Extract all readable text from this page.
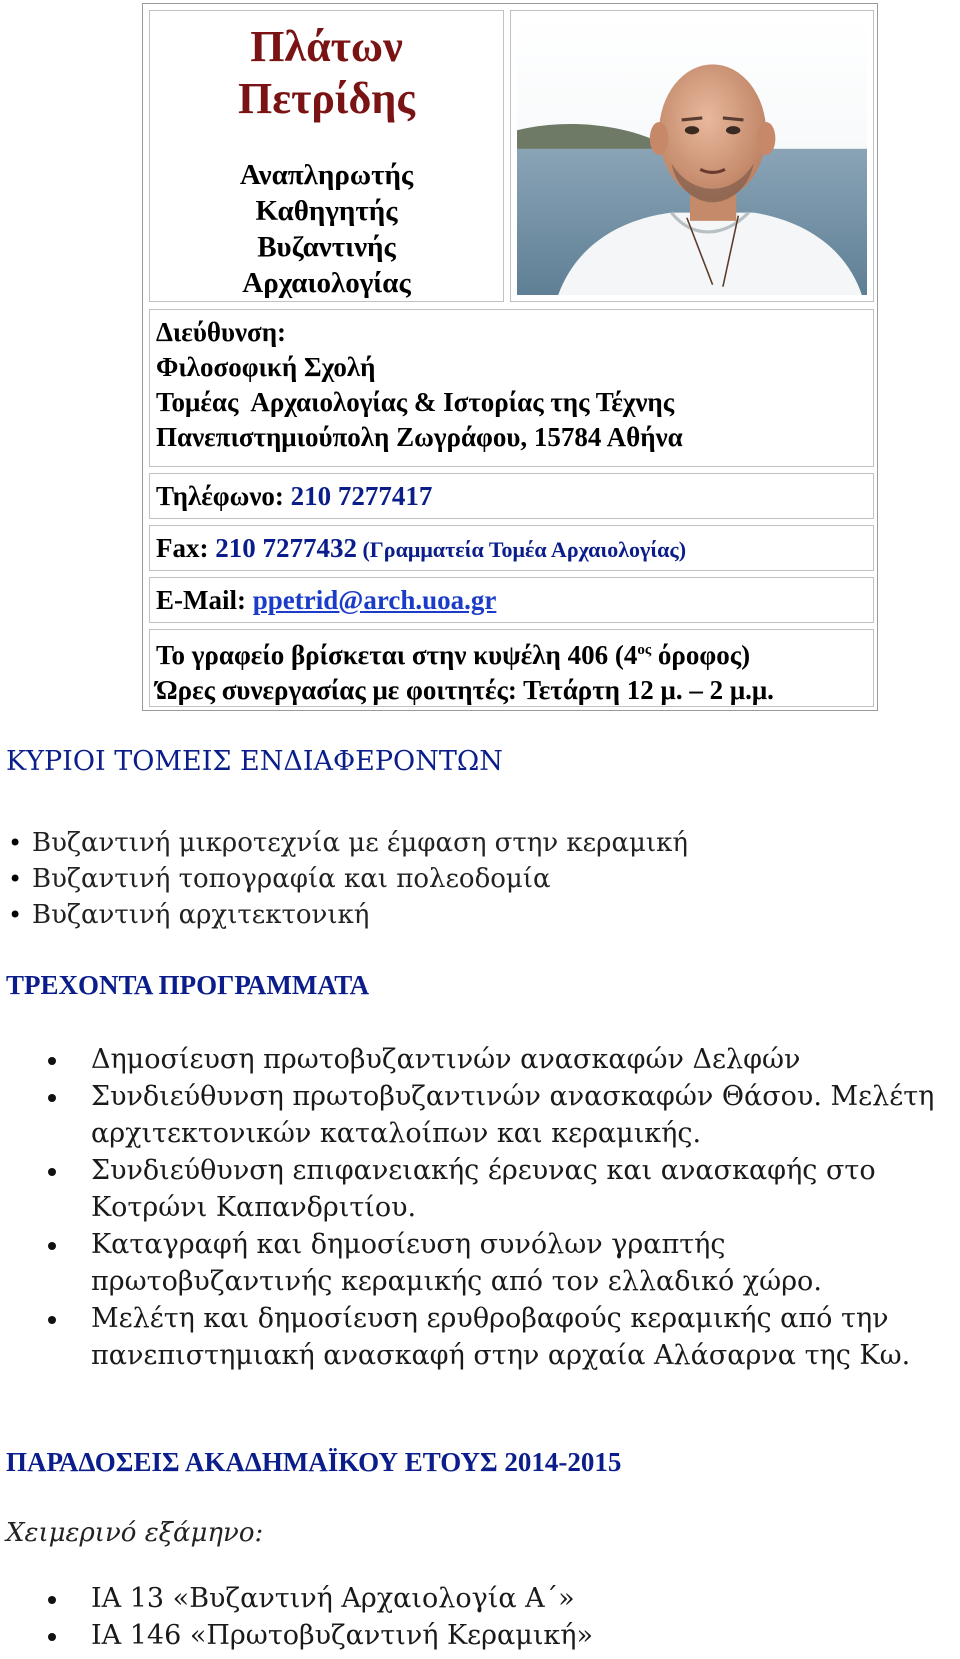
Πλάτων
Πετρίδης
Αναπληρωτής
Καθηγητής
Βυζαντινής
Αρχαιολογίας
Διεύθυνση:
Φιλοσοφική Σχολή
Τομέας  Αρχαιολογίας & Ιστορίας της Τέχνης
Πανεπιστημιούπολη Ζωγράφου, 15784 Αθήνα
Τηλέφωνο: 210 7277417
Fax: 210 7277432 (Γραμματεία Τομέα Αρχαιολογίας)
E-Mail: ppetrid@arch.uoa.gr
Το γραφείο βρίσκεται στην κυψέλη 406 ($4^{o\varsigma}$ όροφος)
Ώρες συνεργασίας με φοιτητές: Τετάρτη 12 μ. – 2 μ.μ.
ΚΥΡΙΟΙ ΤΟΜΕΙΣ ΕΝΔΙΑΦΕΡΟΝΤΩΝ
• Βυζαντινή μικροτεχνία με έμφαση στην κεραμική
• Βυζαντινή τοπογραφία και πολεοδομία
• Βυζαντινή αρχιτεκτονική
ΤΡΕΧΟΝΤΑ ΠΡΟΓΡΑΜΜΑΤΑ
Δημοσίευση πρωτοβυζαντινών ανασκαφών Δελφών
Συνδιεύθυνση πρωτοβυζαντινών ανασκαφών Θάσου. Μελέτη αρχιτεκτονικών καταλοίπων και κεραμικής.
Συνδιεύθυνση επιφανειακής έρευνας και ανασκαφής στο Κοτρώνι Καπανδριτίου.
Καταγραφή και δημοσίευση συνόλων γραπτής πρωτοβυζαντινής κεραμικής από τον ελλαδικό χώρο.
Μελέτη και δημοσίευση ερυθροβαφούς κεραμικής από την πανεπιστημιακή ανασκαφή στην αρχαία Αλάσαρνα της Κω.
ΠΑΡΑΔΟΣΕΙΣ ΑΚΑΔΗΜΑΪΚΟΥ ΕΤΟΥΣ 2014-2015
Χειμερινό εξάμηνο:
ΙΑ 13 «Βυζαντινή Αρχαιολογία Α΄»
ΙΑ 146 «Πρωτοβυζαντινή Κεραμική»
